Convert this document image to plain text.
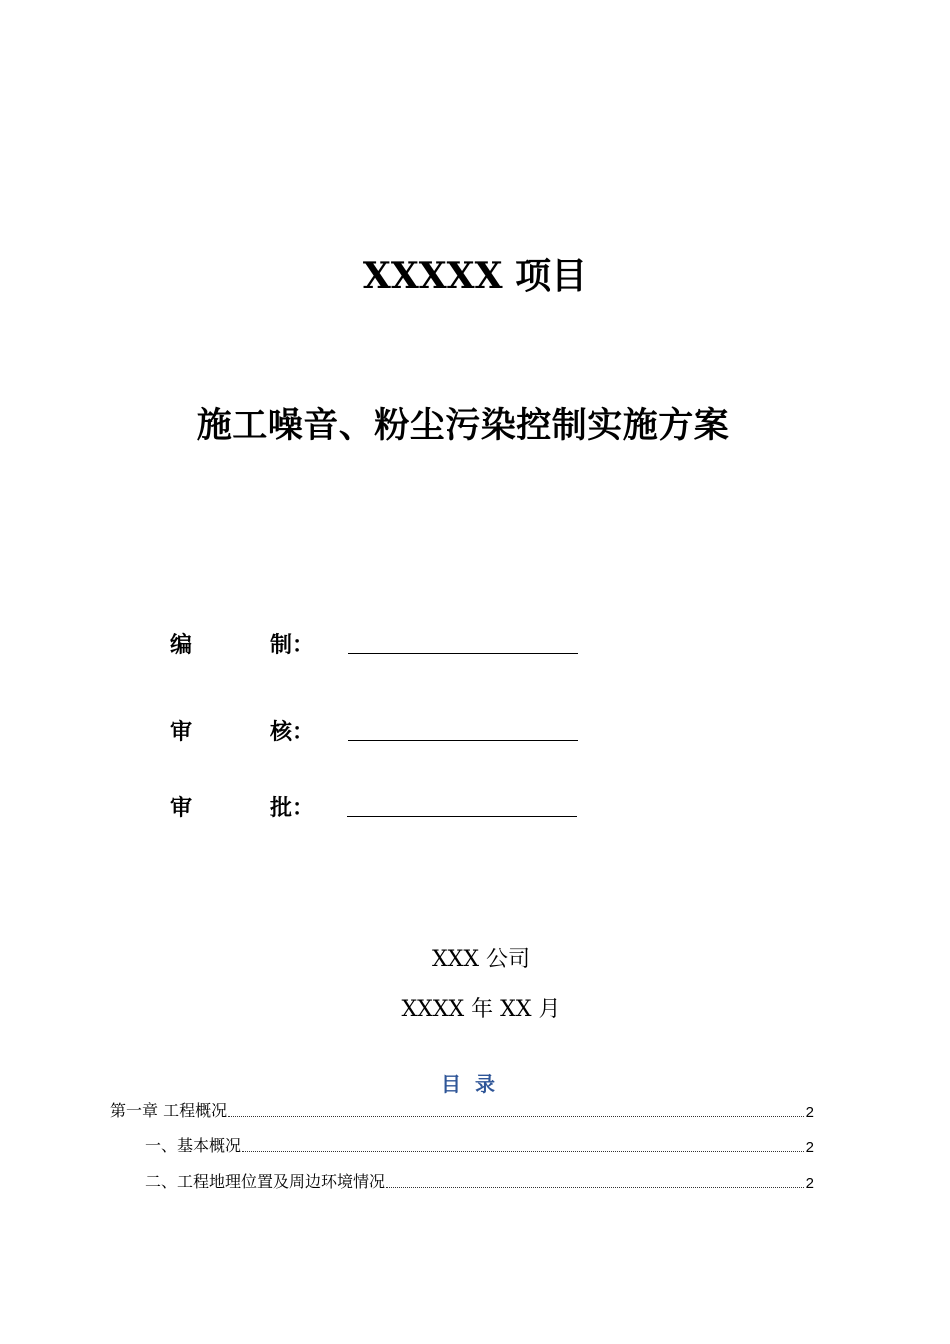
XXXXX 项目
施工噪音、粉尘污染控制实施方案
编	制：
审	核：
审	批：
XXX 公司
XXXX 年 XX 月
目录
第一章 工程概况	2
一、基本概况	2
二、工程地理位置及周边环境情况	2
